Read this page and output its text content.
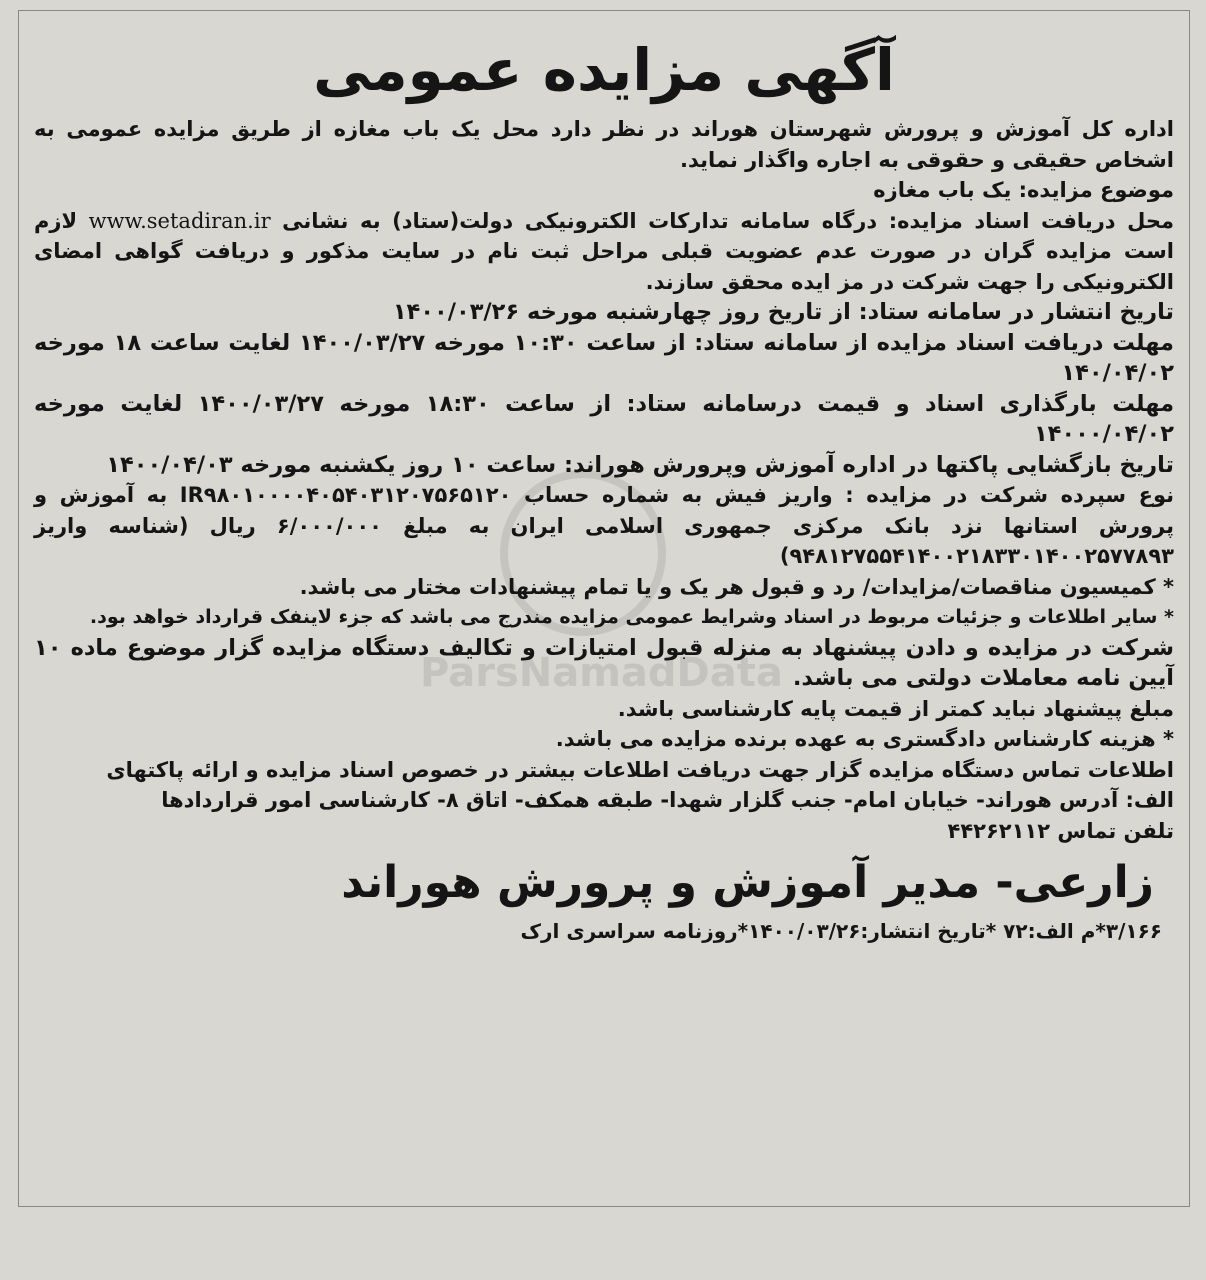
ParsNamadData
آگهی مزایده عمومی

اداره کل آموزش و پرورش شهرستان هوراند در نظر دارد محل یک باب مغازه از طریق مزایده عمومی به اشخاص حقیقی و حقوقی به اجاره واگذار نماید.

موضوع مزایده: یک باب مغازه

محل دریافت اسناد مزایده: درگاه سامانه تدارکات الکترونیکی دولت(ستاد) به نشانی www.setadiran.ir لازم است مزایده گران در صورت عدم عضویت قبلی مراحل ثبت نام در سایت مذکور و دریافت گواهی امضای الکترونیکی را جهت شرکت در مز ایده محقق سازند.

تاریخ انتشار در سامانه ستاد: از تاریخ روز چهارشنبه مورخه ۱۴۰۰/۰۳/۲۶

مهلت دریافت اسناد مزایده از سامانه ستاد: از ساعت ۱۰:۳۰ مورخه ۱۴۰۰/۰۳/۲۷ لغایت ساعت ۱۸ مورخه ۱۴۰/۰۴/۰۲

مهلت بارگذاری اسناد و قیمت درسامانه ستاد: از ساعت ۱۸:۳۰ مورخه ۱۴۰۰/۰۳/۲۷ لغایت مورخه ۱۴۰۰۰/۰۴/۰۲

تاریخ بازگشایی پاکتها در اداره آموزش وپرورش هوراند: ساعت ۱۰ روز یکشنبه مورخه ۱۴۰۰/۰۴/۰۳

نوع سپرده شرکت در مزایده : واریز فیش به شماره حساب IR۹۸۰۱۰۰۰۰۴۰۵۴۰۳۱۲۰۷۵۶۵۱۲۰ به آموزش و پرورش استانها نزد بانک مرکزی جمهوری اسلامی ایران به مبلغ ۶/۰۰۰/۰۰۰ ریال (شناسه واریز ۹۴۸۱۲۷۵۵۴۱۴۰۰۲۱۸۳۳۰۱۴۰۰۲۵۷۷۸۹۳)

* کمیسیون مناقصات/مزایدات/ رد و قبول هر یک و یا تمام پیشنهادات مختار می باشد.

* سایر اطلاعات و جزئیات مربوط در اسناد وشرایط عمومی مزایده مندرج می باشد که جزء لاینفک قرارداد خواهد بود.

شرکت در مزایده و دادن پیشنهاد به منزله قبول امتیازات و تکالیف دستگاه مزایده گزار موضوع ماده ۱۰ آیین نامه معاملات دولتی می باشد.

مبلغ پیشنهاد نباید کمتر از قیمت پایه کارشناسی باشد.

* هزینه کارشناس دادگستری به عهده برنده مزایده می باشد.

اطلاعات تماس دستگاه مزایده گزار جهت دریافت اطلاعات بیشتر در خصوص اسناد مزایده و ارائه پاکتهای

الف: آدرس هوراند- خیابان امام- جنب گلزار شهدا- طبقه همکف- اتاق ۸- کارشناسی امور قراردادها

تلفن تماس ۴۴۲۶۲۱۱۲

زارعی- مدیر آموزش و پرورش هوراند
۳/۱۶۶*م الف:۷۲ *تاریخ انتشار:۱۴۰۰/۰۳/۲۶*روزنامه سراسری ارک
